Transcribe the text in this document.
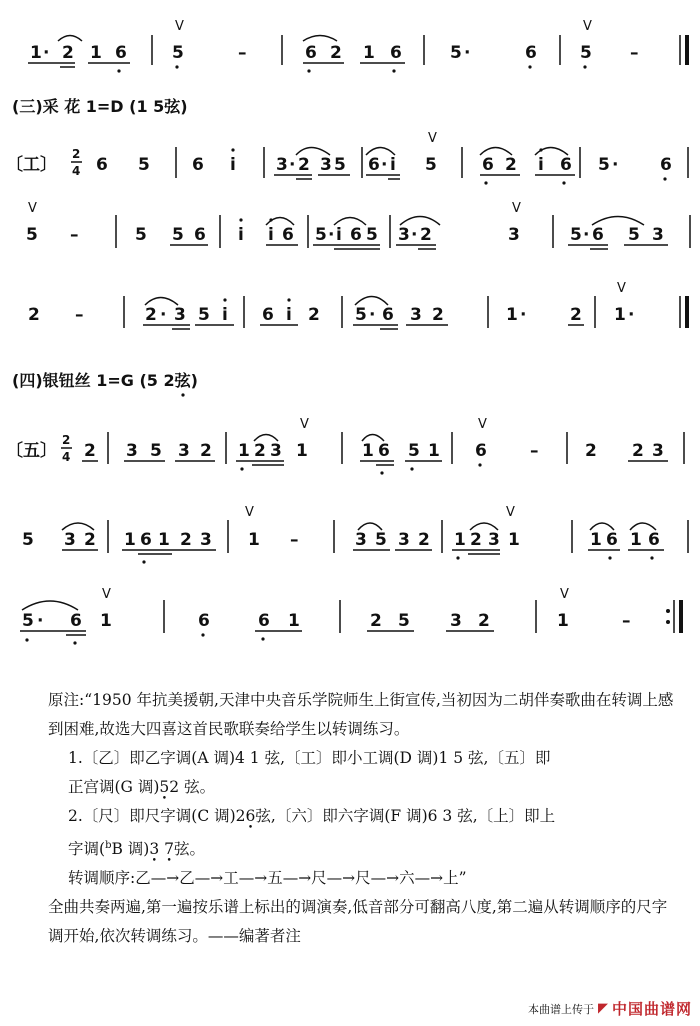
1 · 2 1 6
V
5	–	6 2 1 6	5 ·	6
V
5 –
(三)采 花 1=D (1 5弦)
〔工〕
2
4 6 5 6 i 3 · 2 3 5 6 · i
V
5	6 2 i 6 5 · 6
V
5 –	5 5 6 i i 6 5 · i 6 5 3 · 2
V
3	5 · 6 5 3
2 –	2 · 3 5 i 6 i 2 5 · 6 3 2	1 ·	2
V
1 ·
(四)银钮丝 1=G (5 2弦)
〔五〕
2
4 2 3 5 3 2 1 2 3
V
1	1 6 5 1
V
6	–	2 2 3
5 3 2 1 6 1 2 3
V
1 –	3 5 3 2 1 2 3
V
1	1 6 1 6
5 · 6
V
1	6	6 1	2 5 3 2
V
1	–

原注:“1950 年抗美援朝,天津中央音乐学院师生上街宣传,当初因为二胡伴奏歌曲在转调上感到困难,故选大四喜这首民歌联奏给学生以转调练习。

1.〔乙〕即乙字调(A 调)4 1 弦,〔工〕即小工调(D 调)1 5 弦,〔五〕即

正宫调(G 调)5 •2 弦。

2.〔尺〕即尺字调(C 调)26 •弦,〔六〕即六字调(F 调)6 3 弦,〔上〕即上

字调($^b$B 调)3 • 7 •弦。

转调顺序:乙—→乙—→工—→五—→尺—→尺—→六—→上”

全曲共奏两遍,第一遍按乐谱上标出的调演奏,低音部分可翻高八度,第二遍从转调顺序的尺字调开始,依次转调练习。——编著者注

本曲谱上传于 ◤ 中国曲谱网
